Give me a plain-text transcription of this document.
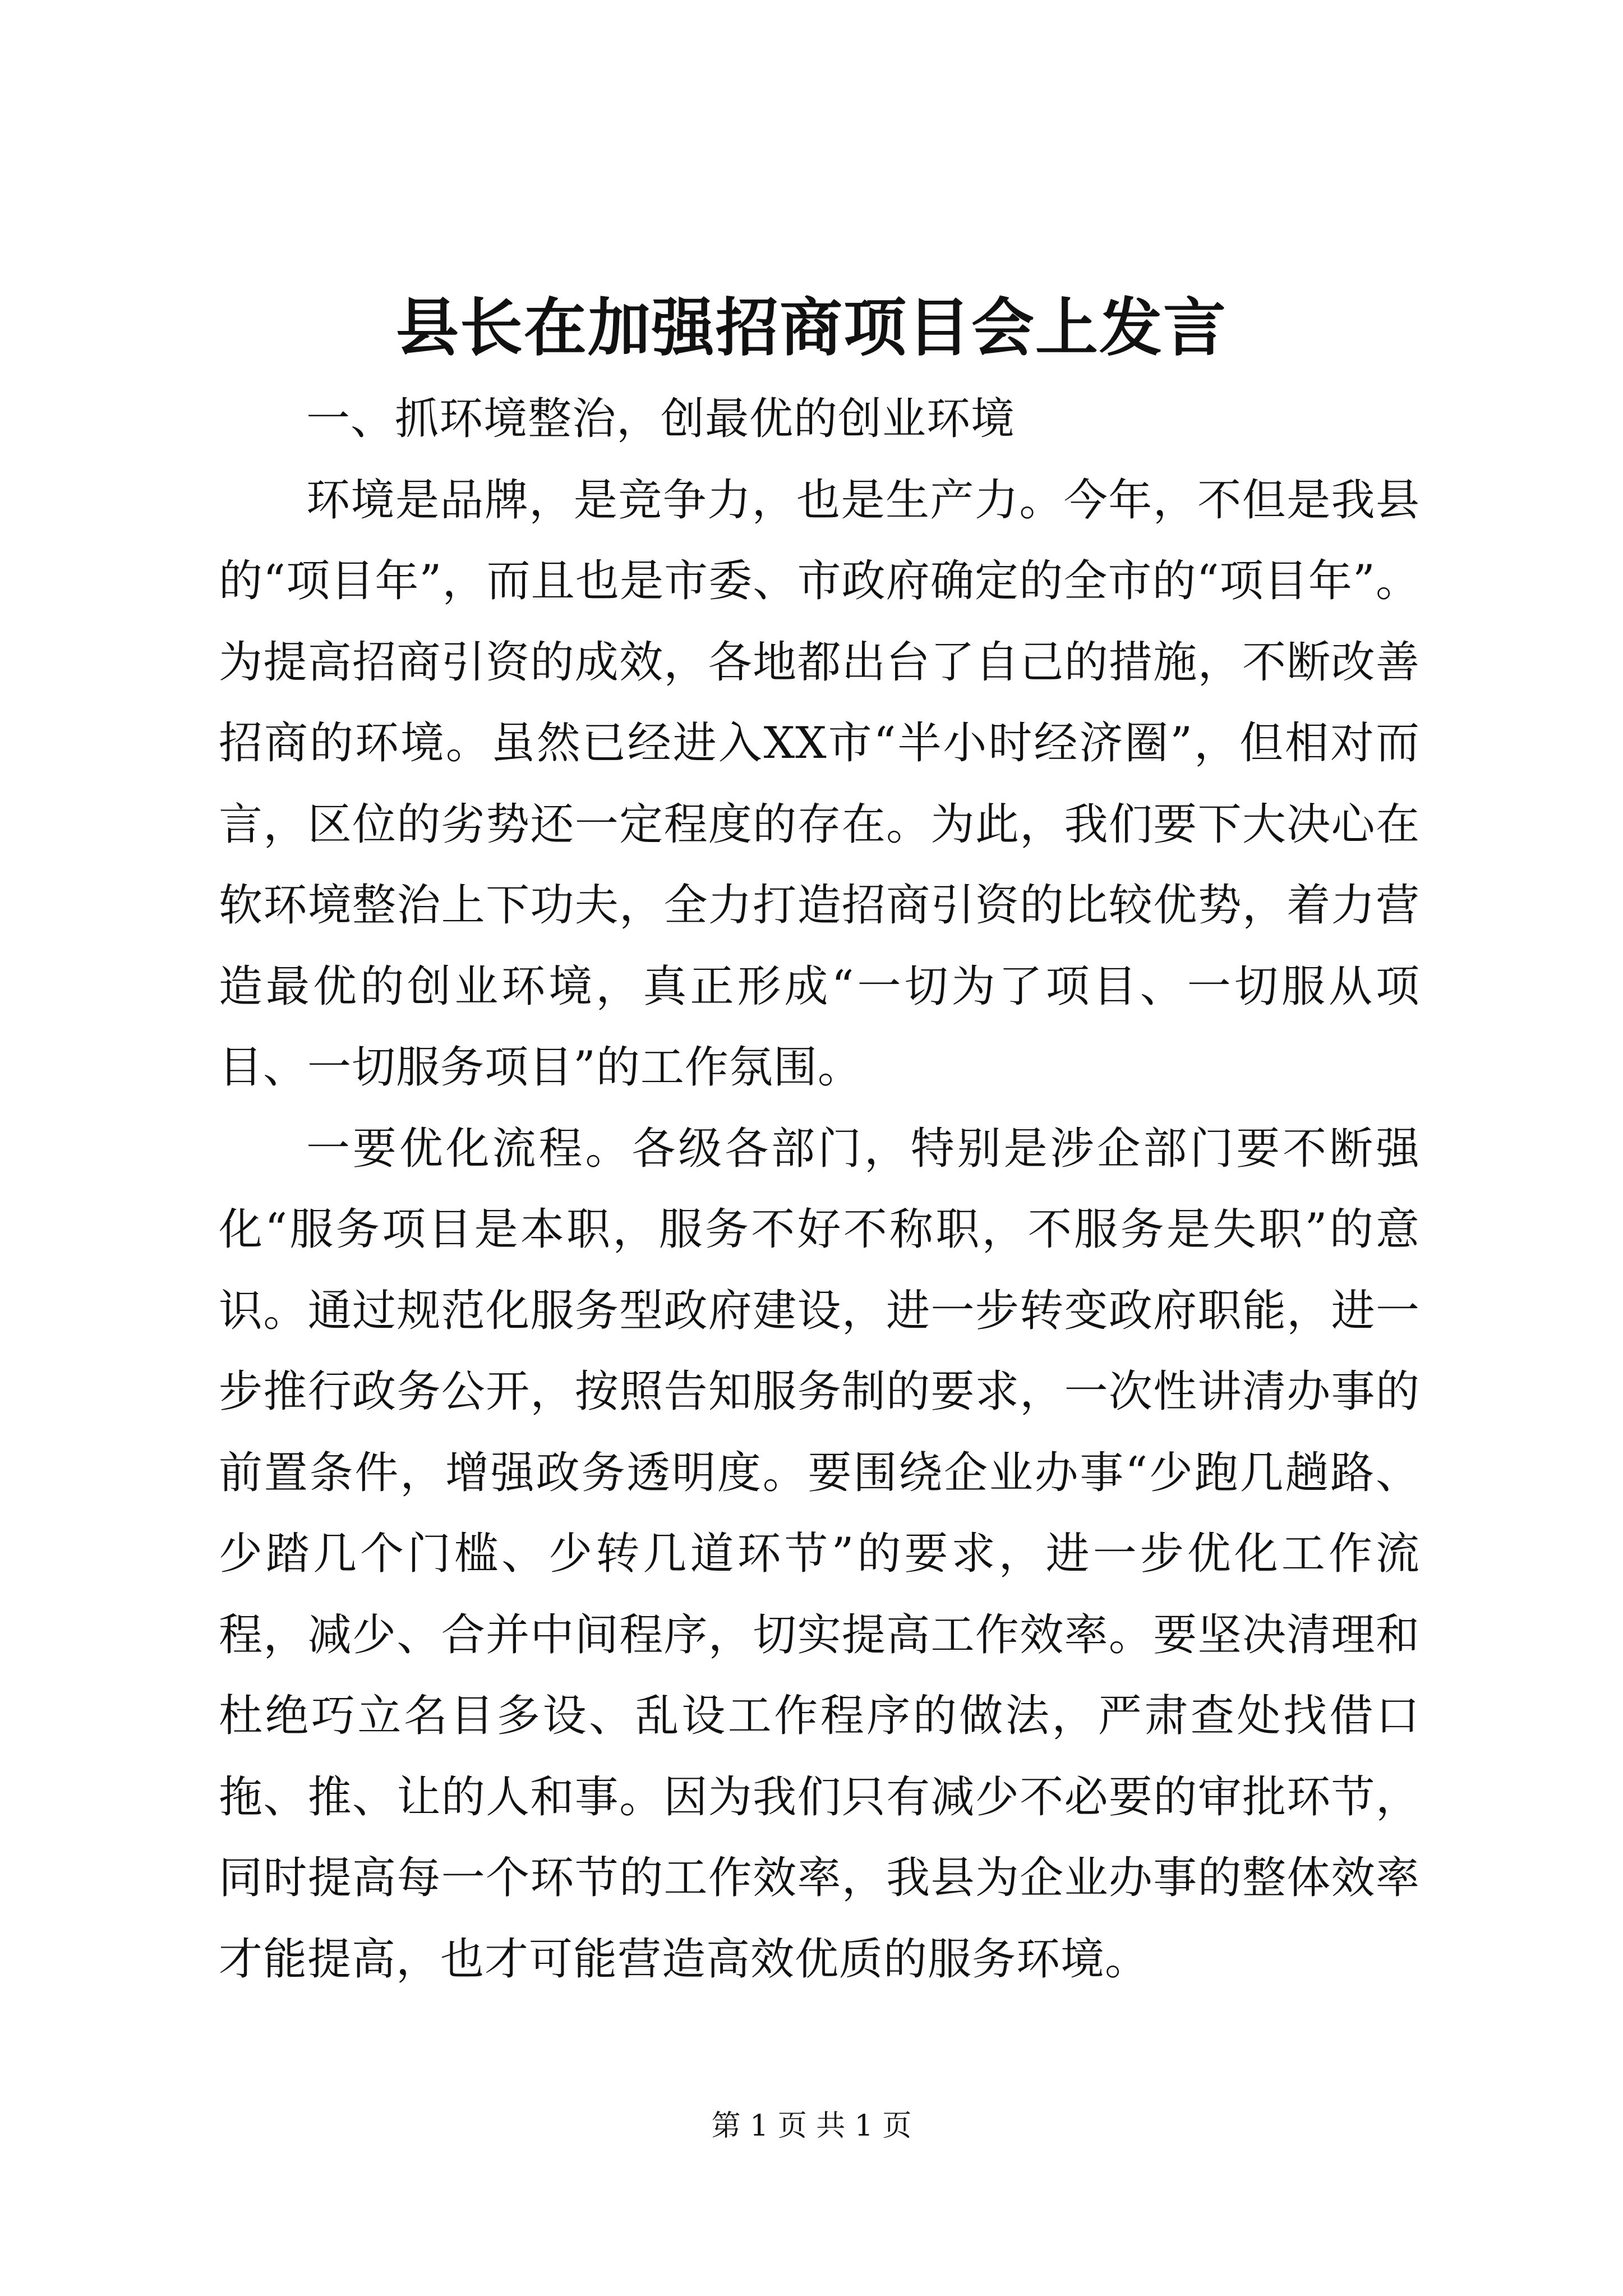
县长在加强招商项目会上发言

一、抓环境整治，创最优的创业环境

环境是品牌，是竞争力，也是生产力。今年，不但是我县的“项目年”，而且也是市委、市政府确定的全市的“项目年”。为提高招商引资的成效，各地都出台了自己的措施，不断改善招商的环境。虽然已经进入XX市“半小时经济圈”，但相对而言，区位的劣势还一定程度的存在。为此，我们要下大决心在软环境整治上下功夫，全力打造招商引资的比较优势，着力营造最优的创业环境，真正形成“一切为了项目、一切服从项目、一切服务项目”的工作氛围。

一要优化流程。各级各部门，特别是涉企部门要不断强化“服务项目是本职，服务不好不称职，不服务是失职”的意识。通过规范化服务型政府建设，进一步转变政府职能，进一步推行政务公开，按照告知服务制的要求，一次性讲清办事的前置条件，增强政务透明度。要围绕企业办事“少跑几趟路、少踏几个门槛、少转几道环节”的要求，进一步优化工作流程，减少、合并中间程序，切实提高工作效率。要坚决清理和杜绝巧立名目多设、乱设工作程序的做法，严肃查处找借口拖、推、让的人和事。因为我们只有减少不必要的审批环节，同时提高每一个环节的工作效率，我县为企业办事的整体效率才能提高，也才可能营造高效优质的服务环境。

第 1 页 共 1 页
